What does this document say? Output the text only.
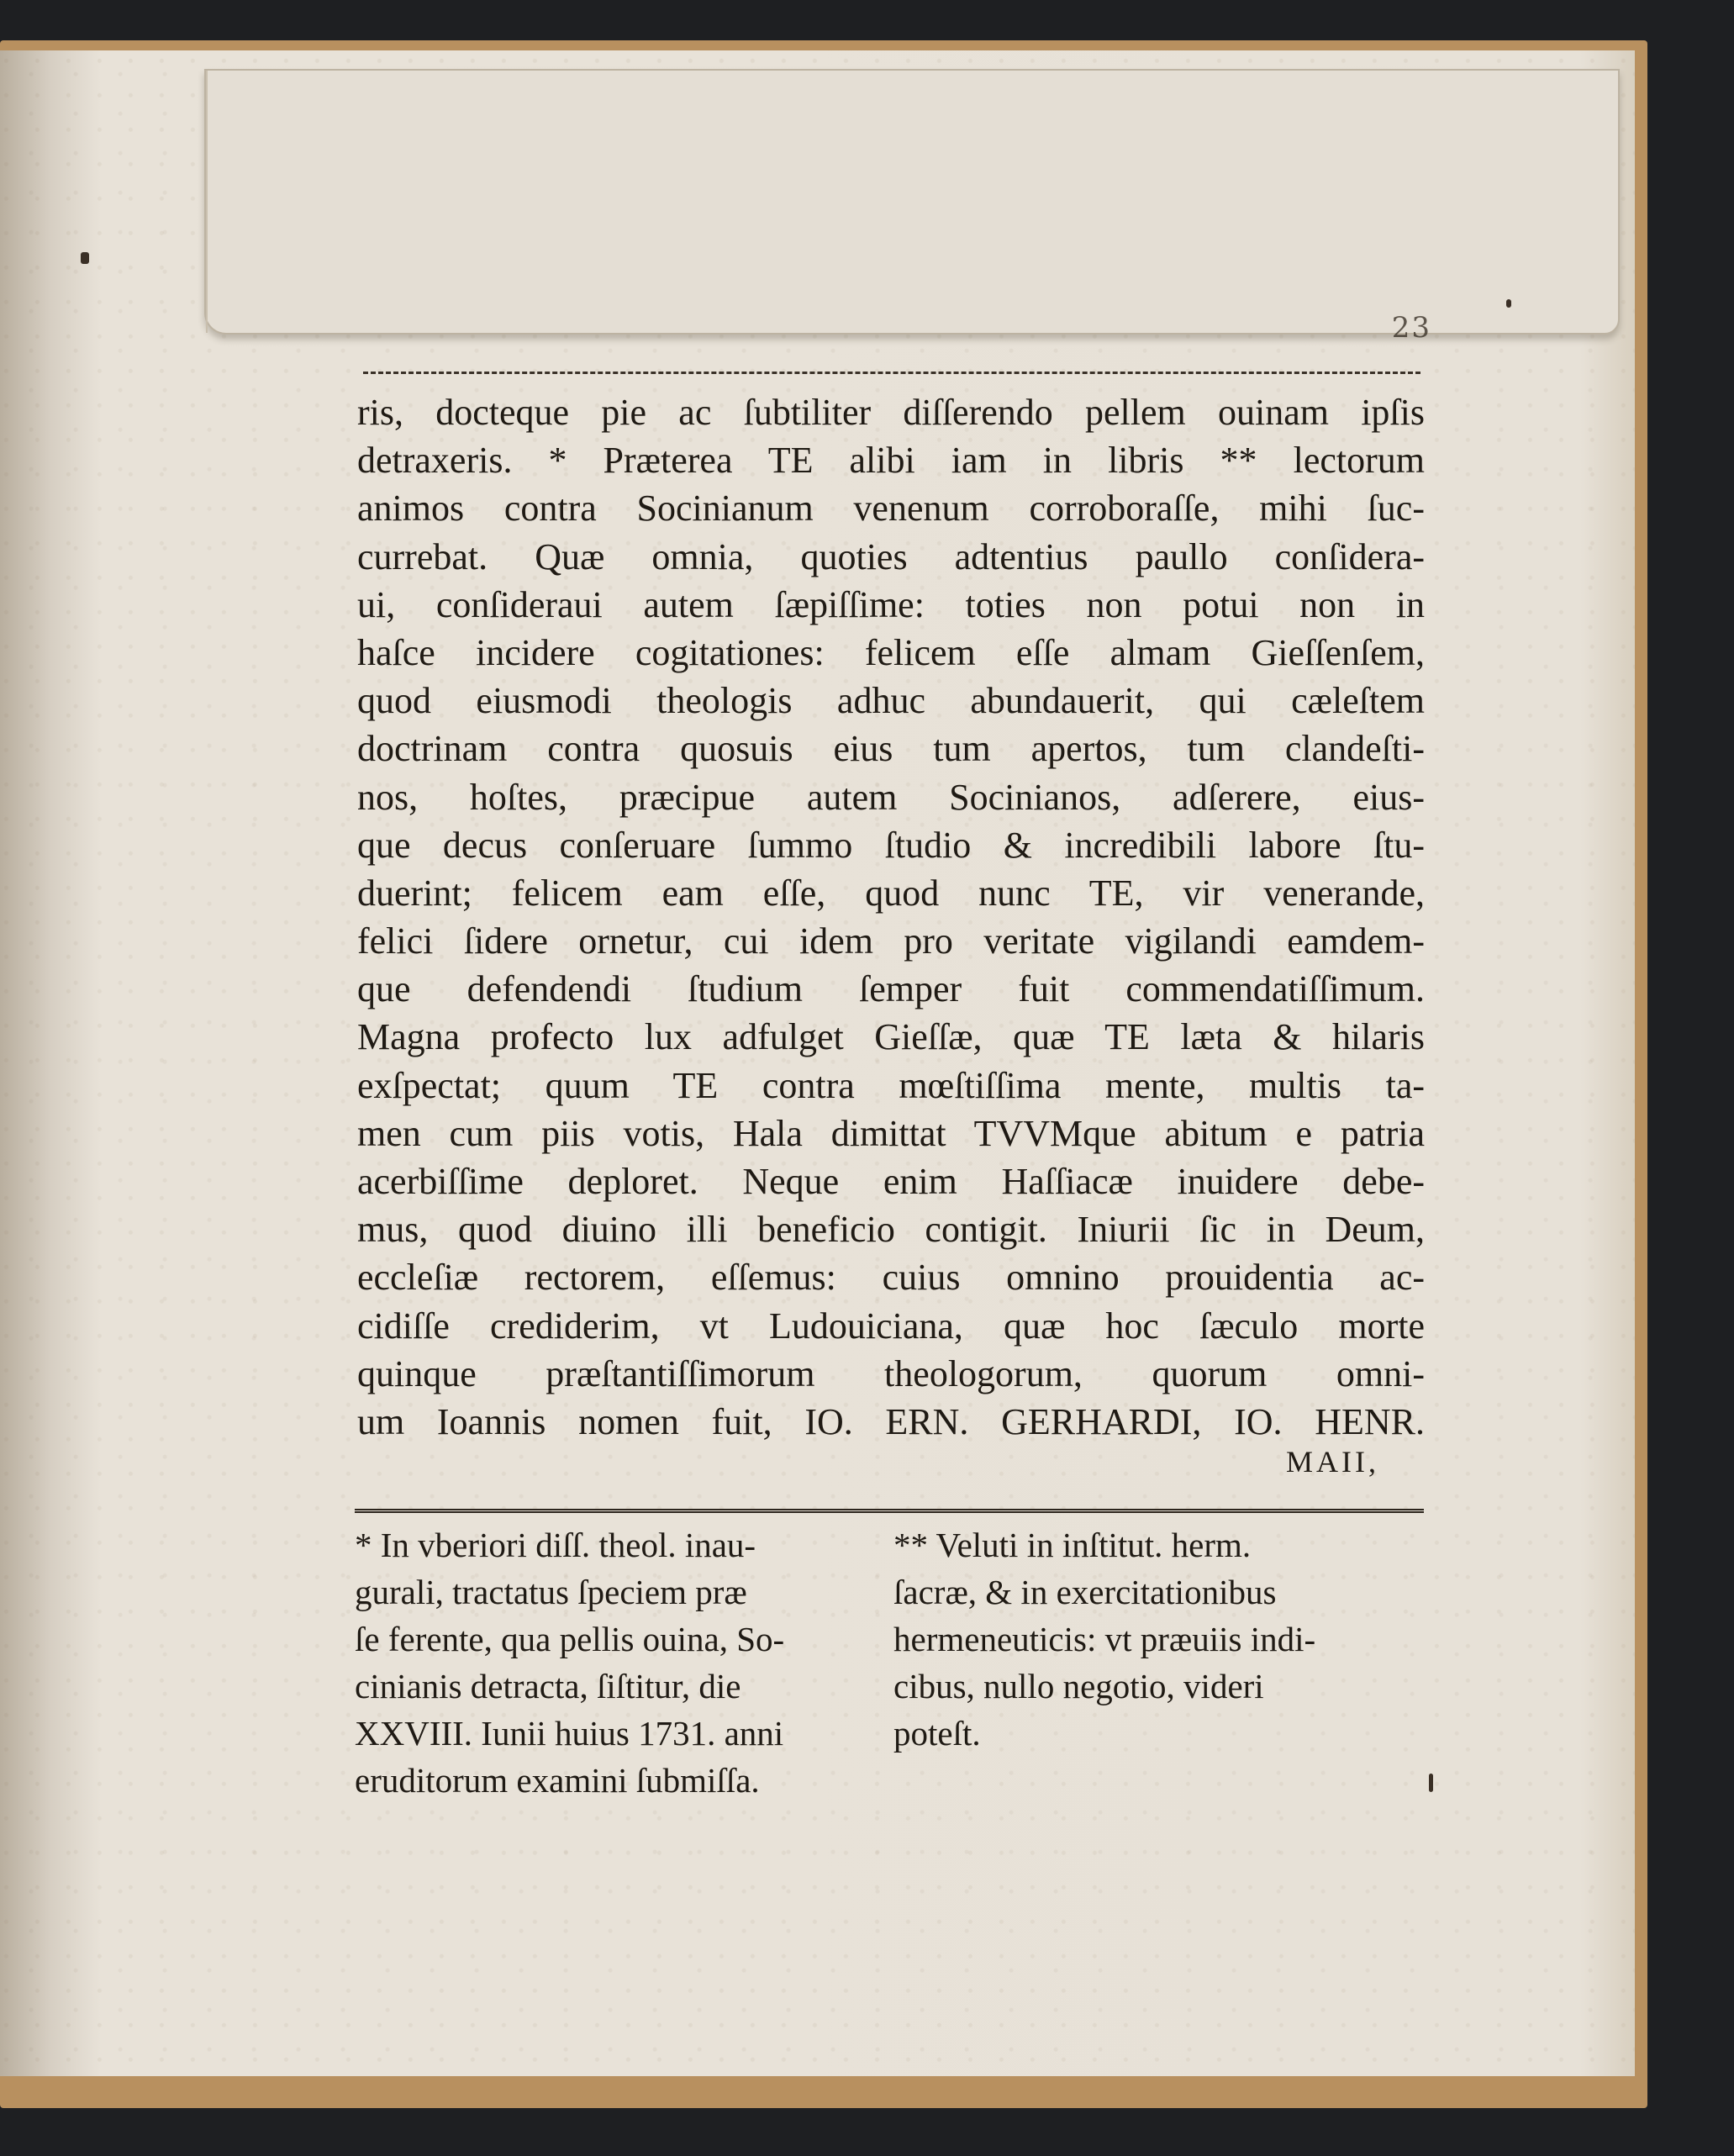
23
ris, docteque pie ac ſubtiliter diſſerendo pellem ouinam ipſis
detraxeris. * Præterea TE alibi iam in libris ** lectorum
animos contra Socinianum venenum corroboraſſe, mihi ſuc-
currebat. Quæ omnia, quoties adtentius paullo conſidera-
ui, conſideraui autem ſæpiſſime: toties non potui non in
haſce incidere cogitationes: felicem eſſe almam Gieſſenſem,
quod eiusmodi theologis adhuc abundauerit, qui cæleſtem
doctrinam contra quosuis eius tum apertos, tum clandeſti-
nos, hoſtes, præcipue autem Socinianos, adſerere, eius-
que decus conſeruare ſummo ſtudio & incredibili labore ſtu-
duerint; felicem eam eſſe, quod nunc TE, vir venerande,
felici ſidere ornetur, cui idem pro veritate vigilandi eamdem-
que defendendi ſtudium ſemper fuit commendatiſſimum.
Magna profecto lux adfulget Gieſſæ, quæ TE læta & hilaris
exſpectat; quum TE contra mœſtiſſima mente, multis ta-
men cum piis votis, Hala dimittat TVVMque abitum e patria
acerbiſſime deploret. Neque enim Haſſiacæ inuidere debe-
mus, quod diuino illi beneficio contigit. Iniurii ſic in Deum,
eccleſiæ rectorem, eſſemus: cuius omnino prouidentia ac-
cidiſſe crediderim, vt Ludouiciana, quæ hoc ſæculo morte
quinque præſtantiſſimorum theologorum, quorum omni-
um Ioannis nomen fuit, IO. ERN. GERHARDI, IO. HENR.
MAII,
* In vberiori diſſ. theol. inau-
gurali, tractatus ſpeciem præ
ſe ferente, qua pellis ouina, So-
cinianis detracta, ſiſtitur, die
XXVIII. Iunii huius 1731. anni
eruditorum examini ſubmiſſa.
** Veluti in inſtitut. herm.
ſacræ, & in exercitationibus
hermeneuticis: vt præuiis indi-
cibus, nullo negotio, videri
poteſt.
